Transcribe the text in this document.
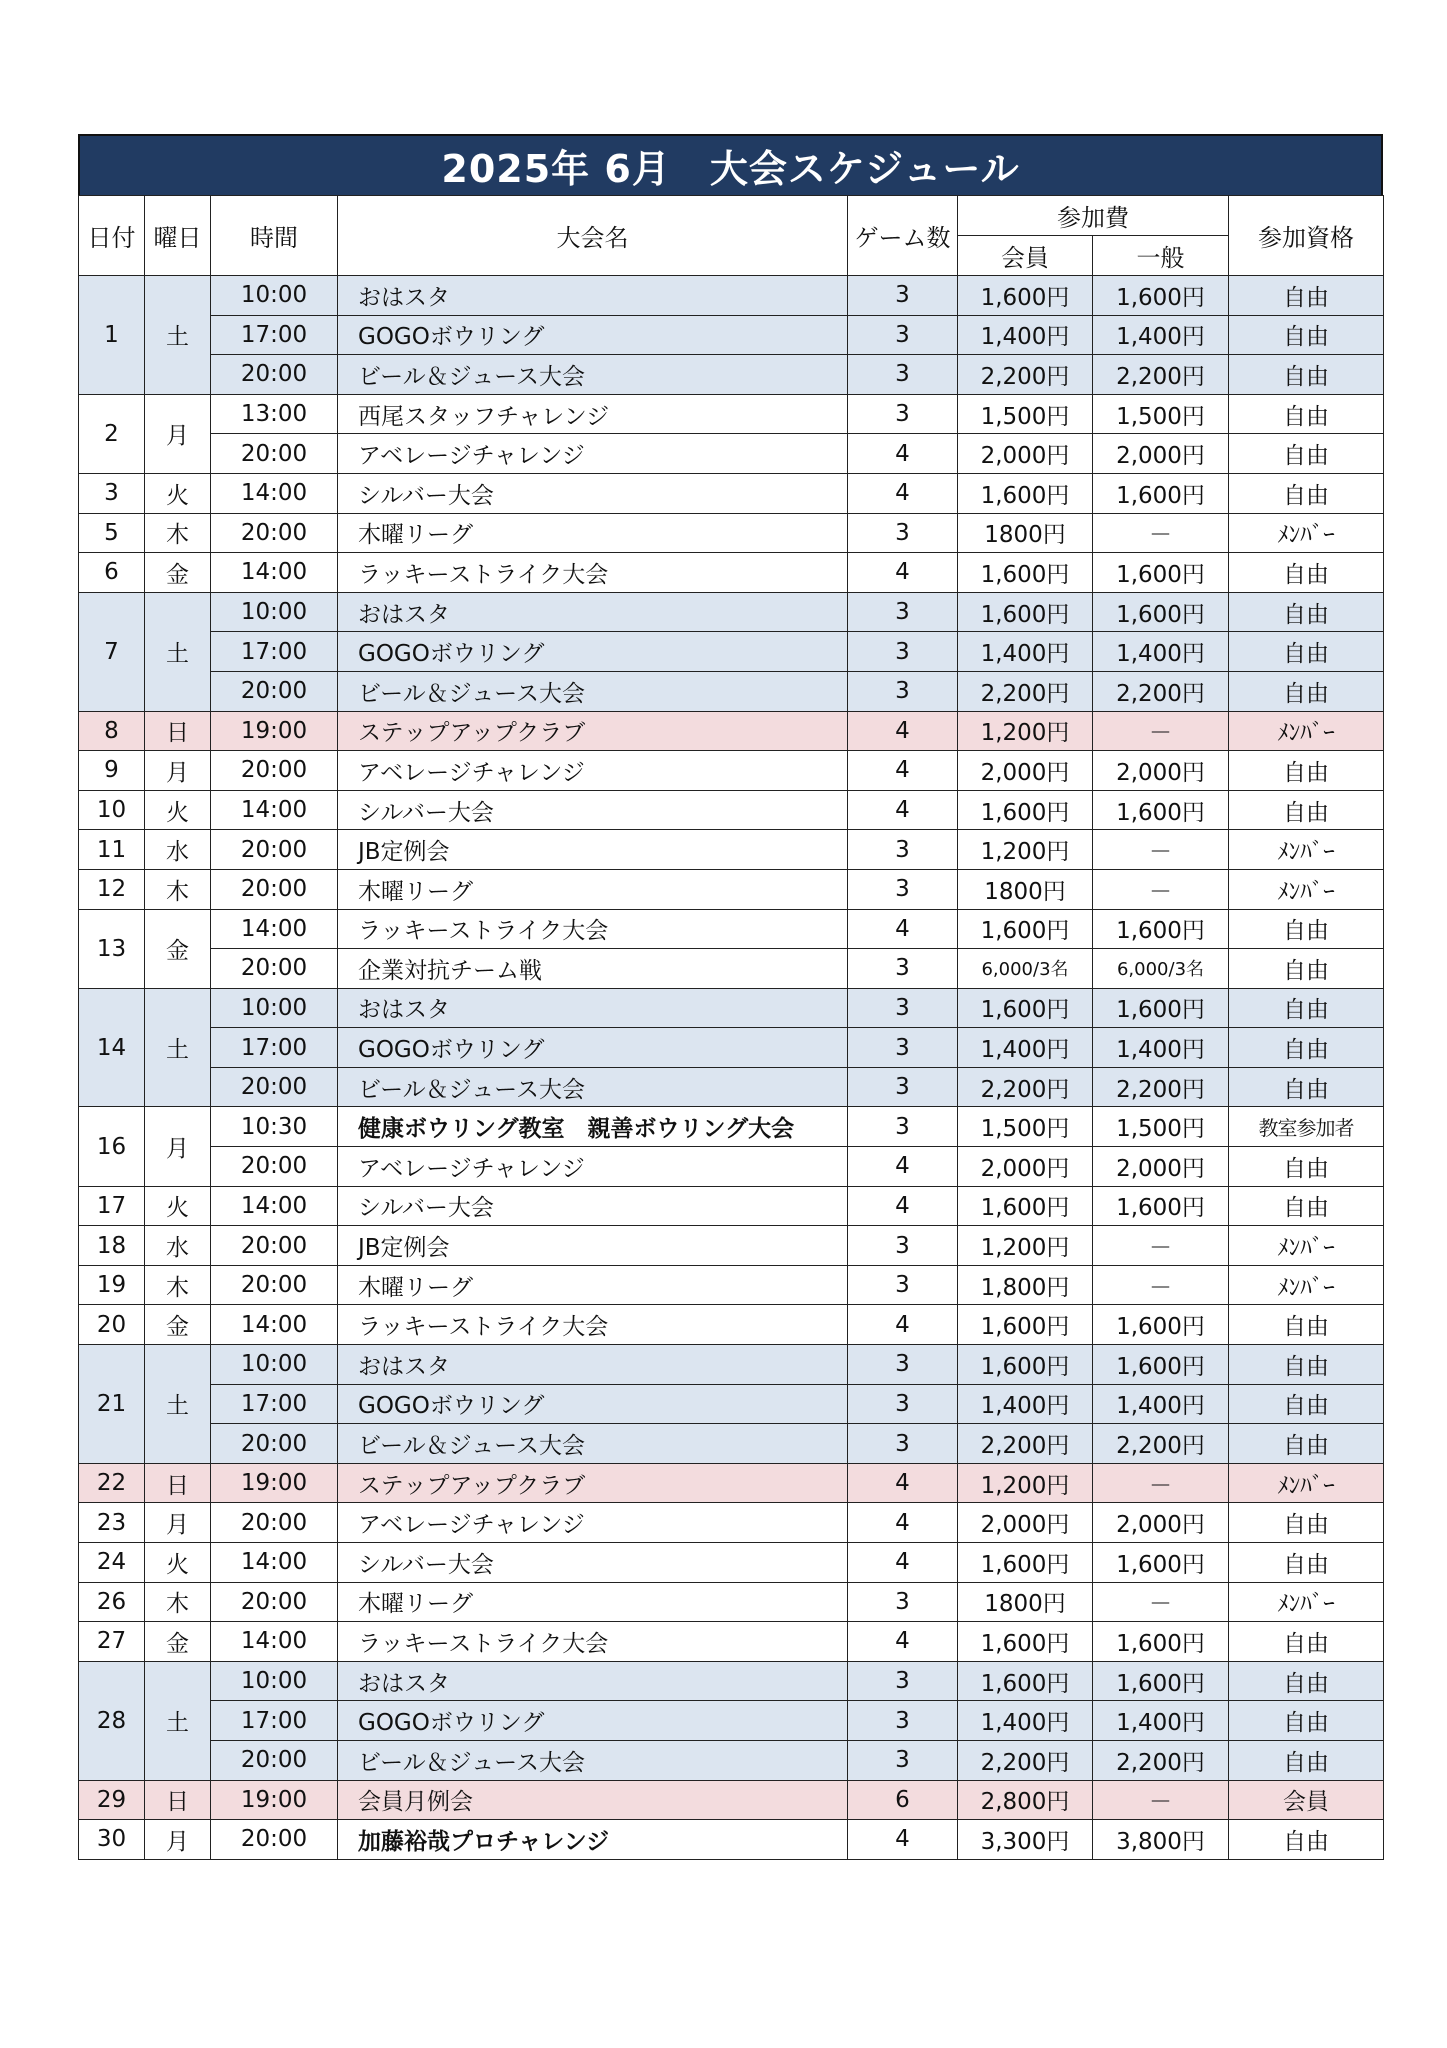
2025年 6月　大会スケジュール
日付	曜日	時間	大会名	ゲーム数	参加費		参加資格
					会員	一般	
1	土	10:00	おはスタ	3	1,600円	1,600円	自由
		17:00	GOGOボウリング	3	1,400円	1,400円	自由
		20:00	ビール＆ジュース大会	3	2,200円	2,200円	自由
2	月	13:00	西尾スタッフチャレンジ	3	1,500円	1,500円	自由
		20:00	アベレージチャレンジ	4	2,000円	2,000円	自由
3	火	14:00	シルバー大会	4	1,600円	1,600円	自由
5	木	20:00	木曜リーグ	3	1800円	－	ﾒﾝﾊﾞｰ
6	金	14:00	ラッキーストライク大会	4	1,600円	1,600円	自由
7	土	10:00	おはスタ	3	1,600円	1,600円	自由
		17:00	GOGOボウリング	3	1,400円	1,400円	自由
		20:00	ビール＆ジュース大会	3	2,200円	2,200円	自由
8	日	19:00	ステップアップクラブ	4	1,200円	－	ﾒﾝﾊﾞｰ
9	月	20:00	アベレージチャレンジ	4	2,000円	2,000円	自由
10	火	14:00	シルバー大会	4	1,600円	1,600円	自由
11	水	20:00	JB定例会	3	1,200円	－	ﾒﾝﾊﾞｰ
12	木	20:00	木曜リーグ	3	1800円	－	ﾒﾝﾊﾞｰ
13	金	14:00	ラッキーストライク大会	4	1,600円	1,600円	自由
		20:00	企業対抗チーム戦	3	6,000/3名	6,000/3名	自由
14	土	10:00	おはスタ	3	1,600円	1,600円	自由
		17:00	GOGOボウリング	3	1,400円	1,400円	自由
		20:00	ビール＆ジュース大会	3	2,200円	2,200円	自由
16	月	10:30	健康ボウリング教室　親善ボウリング大会	3	1,500円	1,500円	教室参加者
		20:00	アベレージチャレンジ	4	2,000円	2,000円	自由
17	火	14:00	シルバー大会	4	1,600円	1,600円	自由
18	水	20:00	JB定例会	3	1,200円	－	ﾒﾝﾊﾞｰ
19	木	20:00	木曜リーグ	3	1,800円	－	ﾒﾝﾊﾞｰ
20	金	14:00	ラッキーストライク大会	4	1,600円	1,600円	自由
21	土	10:00	おはスタ	3	1,600円	1,600円	自由
		17:00	GOGOボウリング	3	1,400円	1,400円	自由
		20:00	ビール＆ジュース大会	3	2,200円	2,200円	自由
22	日	19:00	ステップアップクラブ	4	1,200円	－	ﾒﾝﾊﾞｰ
23	月	20:00	アベレージチャレンジ	4	2,000円	2,000円	自由
24	火	14:00	シルバー大会	4	1,600円	1,600円	自由
26	木	20:00	木曜リーグ	3	1800円	－	ﾒﾝﾊﾞｰ
27	金	14:00	ラッキーストライク大会	4	1,600円	1,600円	自由
28	土	10:00	おはスタ	3	1,600円	1,600円	自由
		17:00	GOGOボウリング	3	1,400円	1,400円	自由
		20:00	ビール＆ジュース大会	3	2,200円	2,200円	自由
29	日	19:00	会員月例会	6	2,800円	－	会員
30	月	20:00	加藤裕哉プロチャレンジ	4	3,300円	3,800円	自由
